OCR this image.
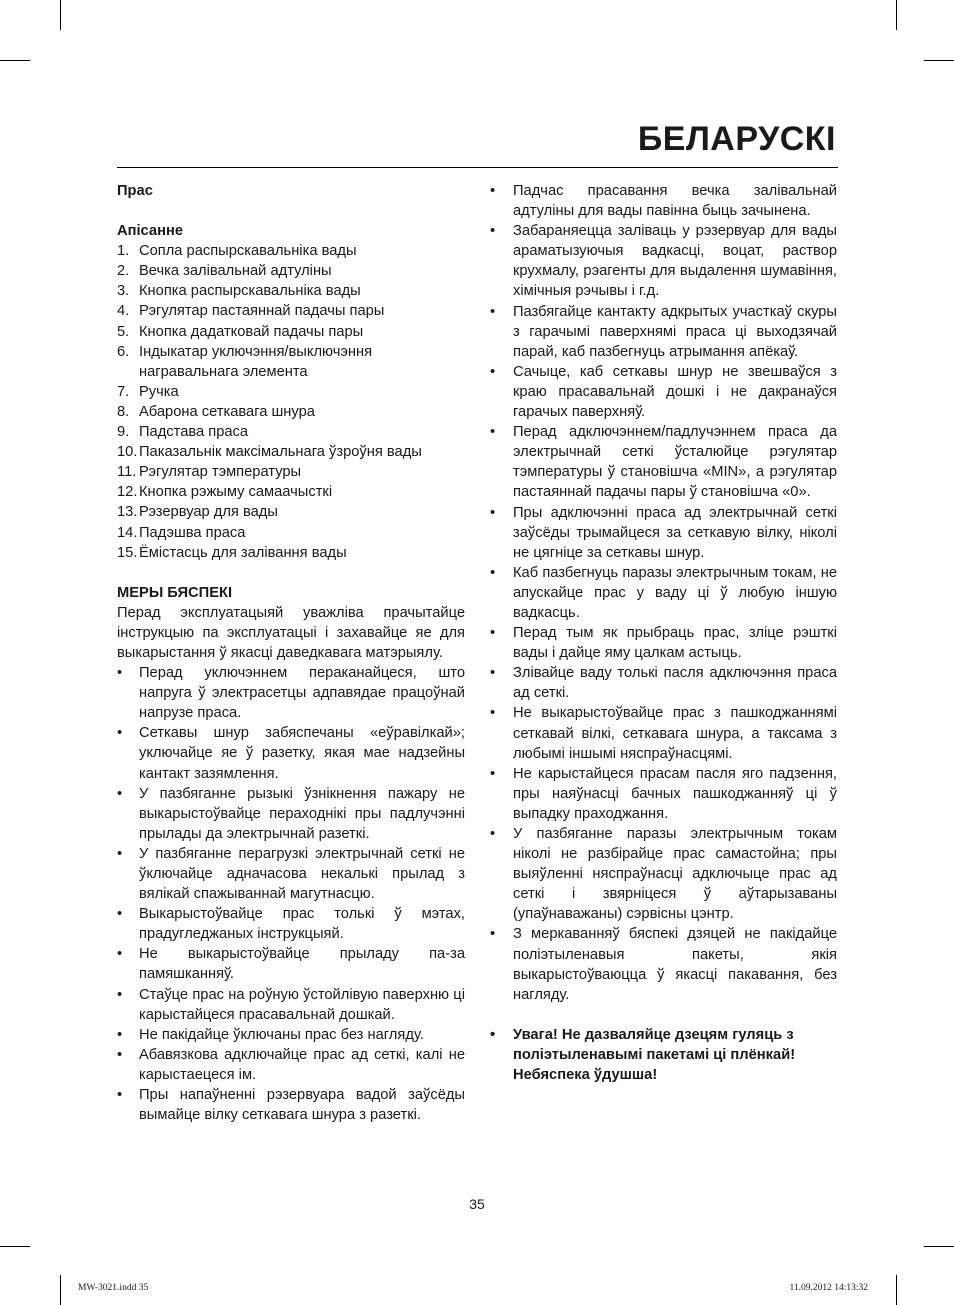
БЕЛАРУСКІ

Прас

Апісанне

1. Сопла распырскавальніка вады
2. Вечка залівальнай адтуліны
3. Кнопка распырскавальніка вады
4. Рэгулятар пастаяннай падачы пары
5. Кнопка дадатковай падачы пары
6. Індыкатар уключэння/выключэння награвальнага элемента
7. Ручка
8. Абарона сеткавага шнура
9. Падстава праса
10. Паказальнік максімальнага ўзроўня вады
11. Рэгулятар тэмпературы
12. Кнопка рэжыму самаачысткі
13. Рэзервуар для вады
14. Падэшва праса
15. Ёмістасць для залівання вады

МЕРЫ БЯСПЕКІ

Перад эксплуатацыяй уважліва прачытайце інструкцыю па эксплуатацыі і захавайце яе для выкарыстання ў якасці даведкавага матэрыялу.

• Перад уключэннем пераканайцеся, што напруга ў электрасетцы адпавядае працоўнай напрузе праса.
• Сеткавы шнур забяспечаны «еўравілкай»; уключайце яе ў разетку, якая мае надзейны кантакт зазямлення.
• У пазбяганне рызыкі ўзнікнення пажару не выкарыстоўвайце пераходнікі пры падлучэнні прылады да электрычнай разеткі.
• У пазбяганне перагрузкі электрычнай сеткі не ўключайце адначасова некалькі прылад з вялікай спажываннай магутнасцю.
• Выкарыстоўвайце прас толькі ў мэтах, прадугледжаных інструкцыяй.
• Не выкарыстоўвайце прыладу па-за памяшканняў.
• Стаўце прас на роўную ўстойлівую паверхню ці карыстайцеся прасавальнай дошкай.
• Не пакідайце ўключаны прас без нагляду.
• Абавязкова адключайце прас ад сеткі, калі не карыстаецеся ім.
• Пры напаўненні рэзервуара вадой заўсёды вымайце вілку сеткавага шнура з разеткі.
• Падчас прасавання вечка залівальнай адтуліны для вады павінна быць зачынена.
• Забараняецца заліваць у рэзервуар для вады араматызуючыя вадкасці, воцат, раствор крухмалу, рэагенты для выдалення шумавіння, хімічныя рэчывы і г.д.
• Пазбягайце кантакту адкрытых участкаў скуры з гарачымі паверхнямі праса ці выходзячай парай, каб пазбегнуць атрымання апёкаў.
• Сачыце, каб сеткавы шнур не звешваўся з краю прасавальнай дошкі і не дакранаўся гарачых паверхняў.
• Перад адключэннем/падлучэннем праса да электрычнай сеткі ўсталюйце рэгулятар тэмпературы ў становішча «MIN», а рэгулятар пастаяннай падачы пары ў становішча «0».
• Пры адключэнні праса ад электрычнай сеткі заўсёды трымайцеся за сеткавую вілку, ніколі не цягніце за сеткавы шнур.
• Каб пазбегнуць паразы электрычным токам, не апускайце прас у ваду ці ў любую іншую вадкасць.
• Перад тым як прыбраць прас, зліце рэшткі вады і дайце яму цалкам астыць.
• Злівайце ваду толькі пасля адключэння праса ад сеткі.
• Не выкарыстоўвайце прас з пашкоджаннямі сеткавай вілкі, сеткавага шнура, а таксама з любымі іншымі няспраўнасцямі.
• Не карыстайцеся прасам пасля яго падзення, пры наяўнасці бачных пашкоджанняў ці ў выпадку праходжання.
• У пазбяганне паразы электрычным токам ніколі не разбірайце прас самастойна; пры выяўленні няспраўнасці адключыце прас ад сеткі і звярніцеся ў аўтарызаваны (упаўнаважаны) сэрвісны цэнтр.
• З меркаванняў бяспекі дзяцей не пакідайце поліэтыленавыя пакеты, якія выкарыстоўваюцца ў якасці пакавання, без нагляду.

• Увага! Не дазваляйце дзецям гуляць з поліэтыленавымі пакетамі ці плёнкай! Небяспека ўдушша!

35
MW-3021.indd 35	11.09.2012 14:13:32
